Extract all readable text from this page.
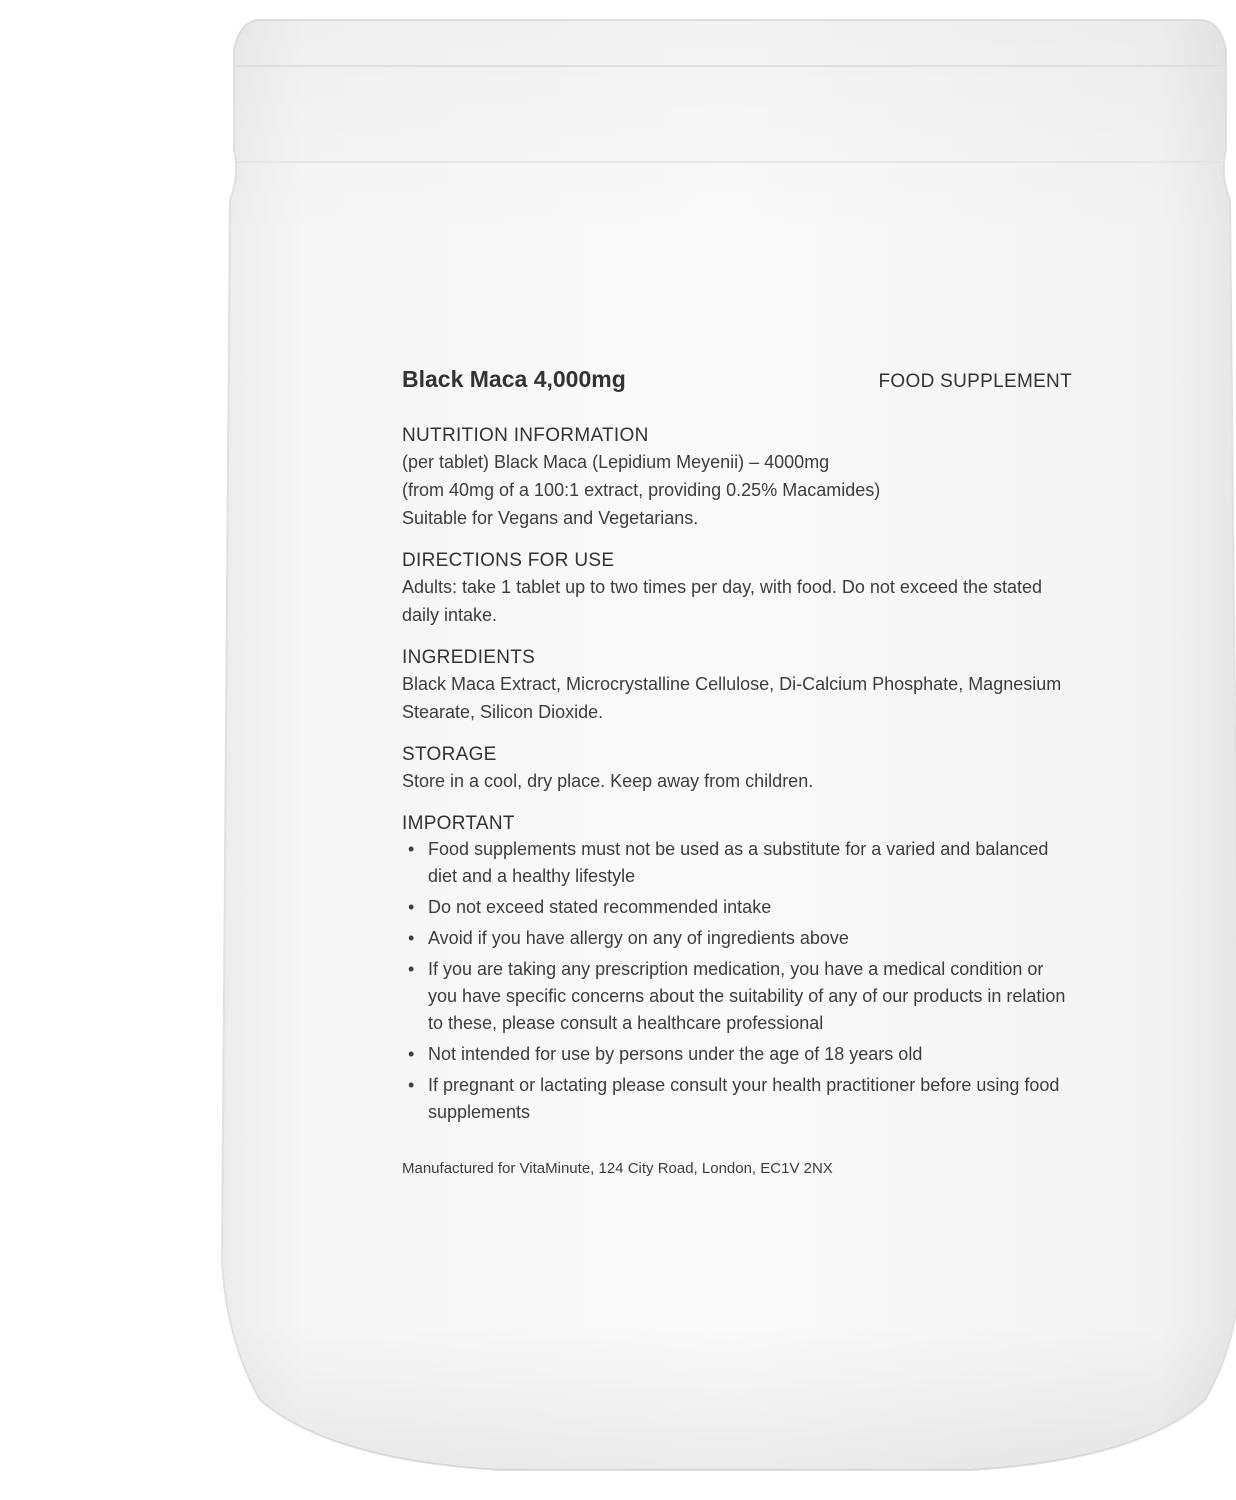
Black Maca 4,000mg	FOOD SUPPLEMENT
NUTRITION INFORMATION

(per tablet) Black Maca (Lepidium Meyenii) – 4000mg

(from 40mg of a 100:1 extract, providing 0.25% Macamides)

Suitable for Vegans and Vegetarians.

DIRECTIONS FOR USE

Adults: take 1 tablet up to two times per day, with food. Do not exceed the stated daily intake.

INGREDIENTS

Black Maca Extract, Microcrystalline Cellulose, Di-Calcium Phosphate, Magnesium Stearate, Silicon Dioxide.

STORAGE

Store in a cool, dry place. Keep away from children.

IMPORTANT
• Food supplements must not be used as a substitute for a varied and balanced diet and a healthy lifestyle
• Do not exceed stated recommended intake
• Avoid if you have allergy on any of ingredients above
• If you are taking any prescription medication, you have a medical condition or you have specific concerns about the suitability of any of our products in relation to these, please consult a healthcare professional
• Not intended for use by persons under the age of 18 years old
• If pregnant or lactating please consult your health practitioner before using food supplements
Manufactured for VitaMinute, 124 City Road, London, EC1V 2NX
